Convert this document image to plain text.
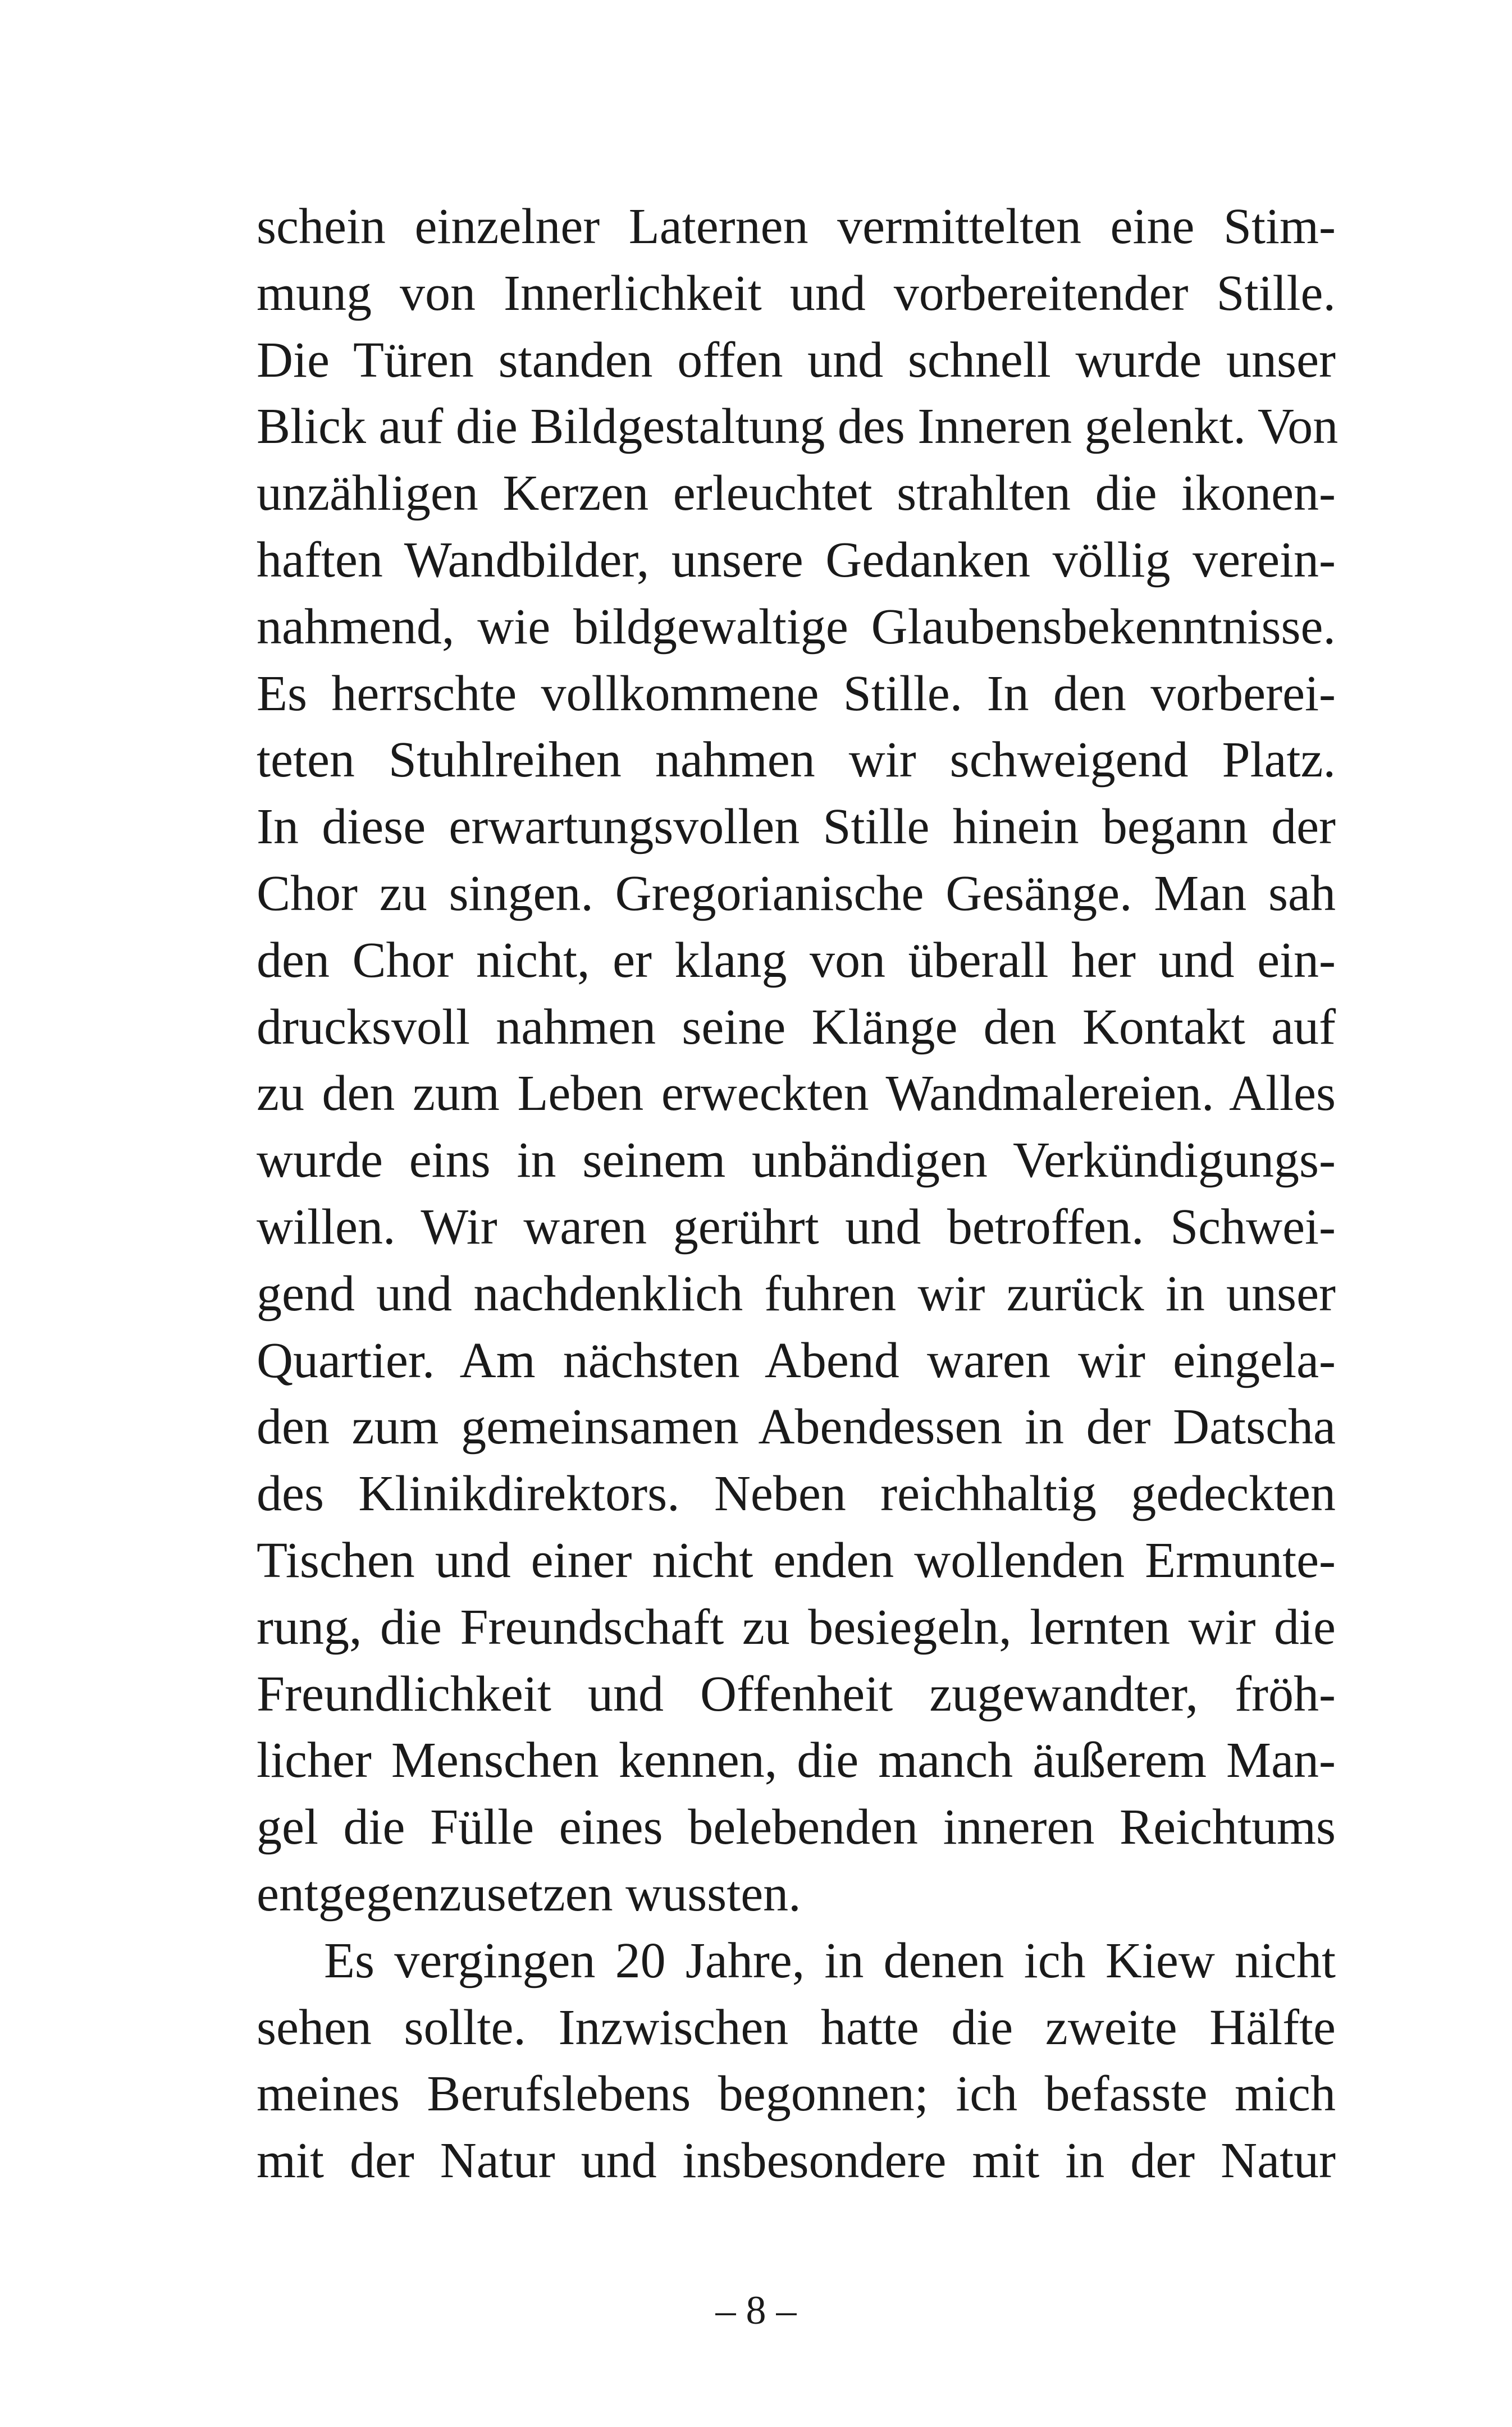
schein einzelner Laternen vermittelten eine Stim-
mung von Innerlichkeit und vorbereitender Stille.
Die Türen standen offen und schnell wurde unser
Blick auf die Bildgestaltung des Inneren gelenkt. Von
unzähligen Kerzen erleuchtet strahlten die ikonen-
haften Wandbilder, unsere Gedanken völlig verein-
nahmend, wie bildgewaltige Glaubensbekenntnisse.
Es herrschte vollkommene Stille. In den vorberei-
teten Stuhlreihen nahmen wir schweigend Platz.
In diese erwartungsvollen Stille hinein begann der
Chor zu singen. Gregorianische Gesänge. Man sah
den Chor nicht, er klang von überall her und ein-
drucksvoll nahmen seine Klänge den Kontakt auf
zu den zum Leben erweckten Wandmalereien. Alles
wurde eins in seinem unbändigen Verkündigungs-
willen. Wir waren gerührt und betroffen. Schwei-
gend und nachdenklich fuhren wir zurück in unser
Quartier. Am nächsten Abend waren wir eingela-
den zum gemeinsamen Abendessen in der Datscha
des Klinikdirektors. Neben reichhaltig gedeckten
Tischen und einer nicht enden wollenden Ermunte-
rung, die Freundschaft zu besiegeln, lernten wir die
Freundlichkeit und Offenheit zugewandter, fröh-
licher Menschen kennen, die manch äußerem Man-
gel die Fülle eines belebenden inneren Reichtums
entgegenzusetzen wussten.
Es vergingen 20 Jahre, in denen ich Kiew nicht
sehen sollte. Inzwischen hatte die zweite Hälfte
meines Berufslebens begonnen; ich befasste mich
mit der Natur und insbesondere mit in der Natur
– 8 –
